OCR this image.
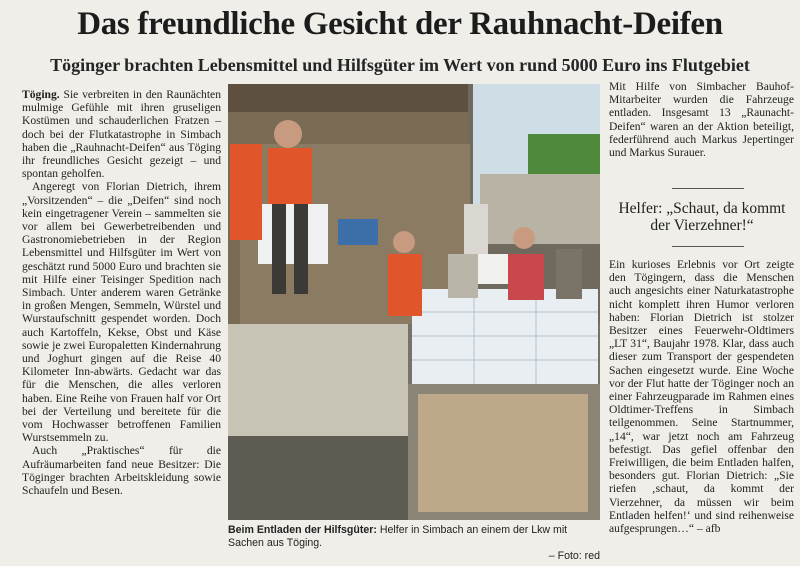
Das freundliche Gesicht der Rauhnacht-Deifen
Töginger brachten Lebensmittel und Hilfsgüter im Wert von rund 5000 Euro ins Flutgebiet

Töging. Sie verbreiten in den Raunächten mulmige Gefühle mit ihren gruseligen Kostümen und schauderlichen Fratzen – doch bei der Flutkatastrophe in Simbach haben die „Rauhnacht-Deifen“ aus Töging ihr freundliches Gesicht gezeigt – und spontan geholfen.

Angeregt von Florian Dietrich, ihrem „Vorsitzenden“ – die „Deifen“ sind noch kein eingetragener Verein – sammelten sie vor allem bei Gewerbetreibenden und Gastronomiebetrieben in der Region Lebensmittel und Hilfsgüter im Wert von geschätzt rund 5000 Euro und brachten sie mit Hilfe einer Teisinger Spedition nach Simbach. Unter anderem waren Getränke in großen Mengen, Semmeln, Würstel und Wurstaufschnitt gespendet worden. Doch auch Kartoffeln, Kekse, Obst und Käse sowie je zwei Europaletten Kindernahrung und Joghurt gingen auf die Reise 40 Kilometer Inn-abwärts. Gedacht war das für die Menschen, die alles verloren haben. Eine Reihe von Frauen half vor Ort bei der Verteilung und bereitete für die vom Hochwasser betroffenen Familien Wurstsemmeln zu.

Auch „Praktisches“ für die Aufräumarbeiten fand neue Besitzer: Die Töginger brachten Arbeitskleidung sowie Schaufeln und Besen.

Beim Entladen der Hilfsgüter: Helfer in Simbach an einem der Lkw mit Sachen aus Töging.
– Foto: red

Mit Hilfe von Simbacher Bauhof-Mitarbeiter wurden die Fahrzeuge entladen. Insgesamt 13 „Raunacht-Deifen“ waren an der Aktion beteiligt, federführend auch Markus Jepertinger und Markus Surauer.

Helfer: „Schaut, da kommt der Vierzehner!“

Ein kurioses Erlebnis vor Ort zeigte den Tögingern, dass die Menschen auch angesichts einer Naturkatastrophe nicht komplett ihren Humor verloren haben: Florian Dietrich ist stolzer Besitzer eines Feuerwehr-Oldtimers „LT 31“, Baujahr 1978. Klar, dass auch dieser zum Transport der gespendeten Sachen eingesetzt wurde. Eine Woche vor der Flut hatte der Töginger noch an einer Fahrzeugparade im Rahmen eines Oldtimer-Treffens in Simbach teilgenommen. Seine Startnummer, „14“, war jetzt noch am Fahrzeug befestigt. Das gefiel offenbar den Freiwilligen, die beim Entladen halfen, besonders gut. Florian Dietrich: „Sie riefen ‚schaut, da kommt der Vierzehner, da müssen wir beim Entladen helfen!‘ und sind reihenweise aufgesprungen…“ – afb
